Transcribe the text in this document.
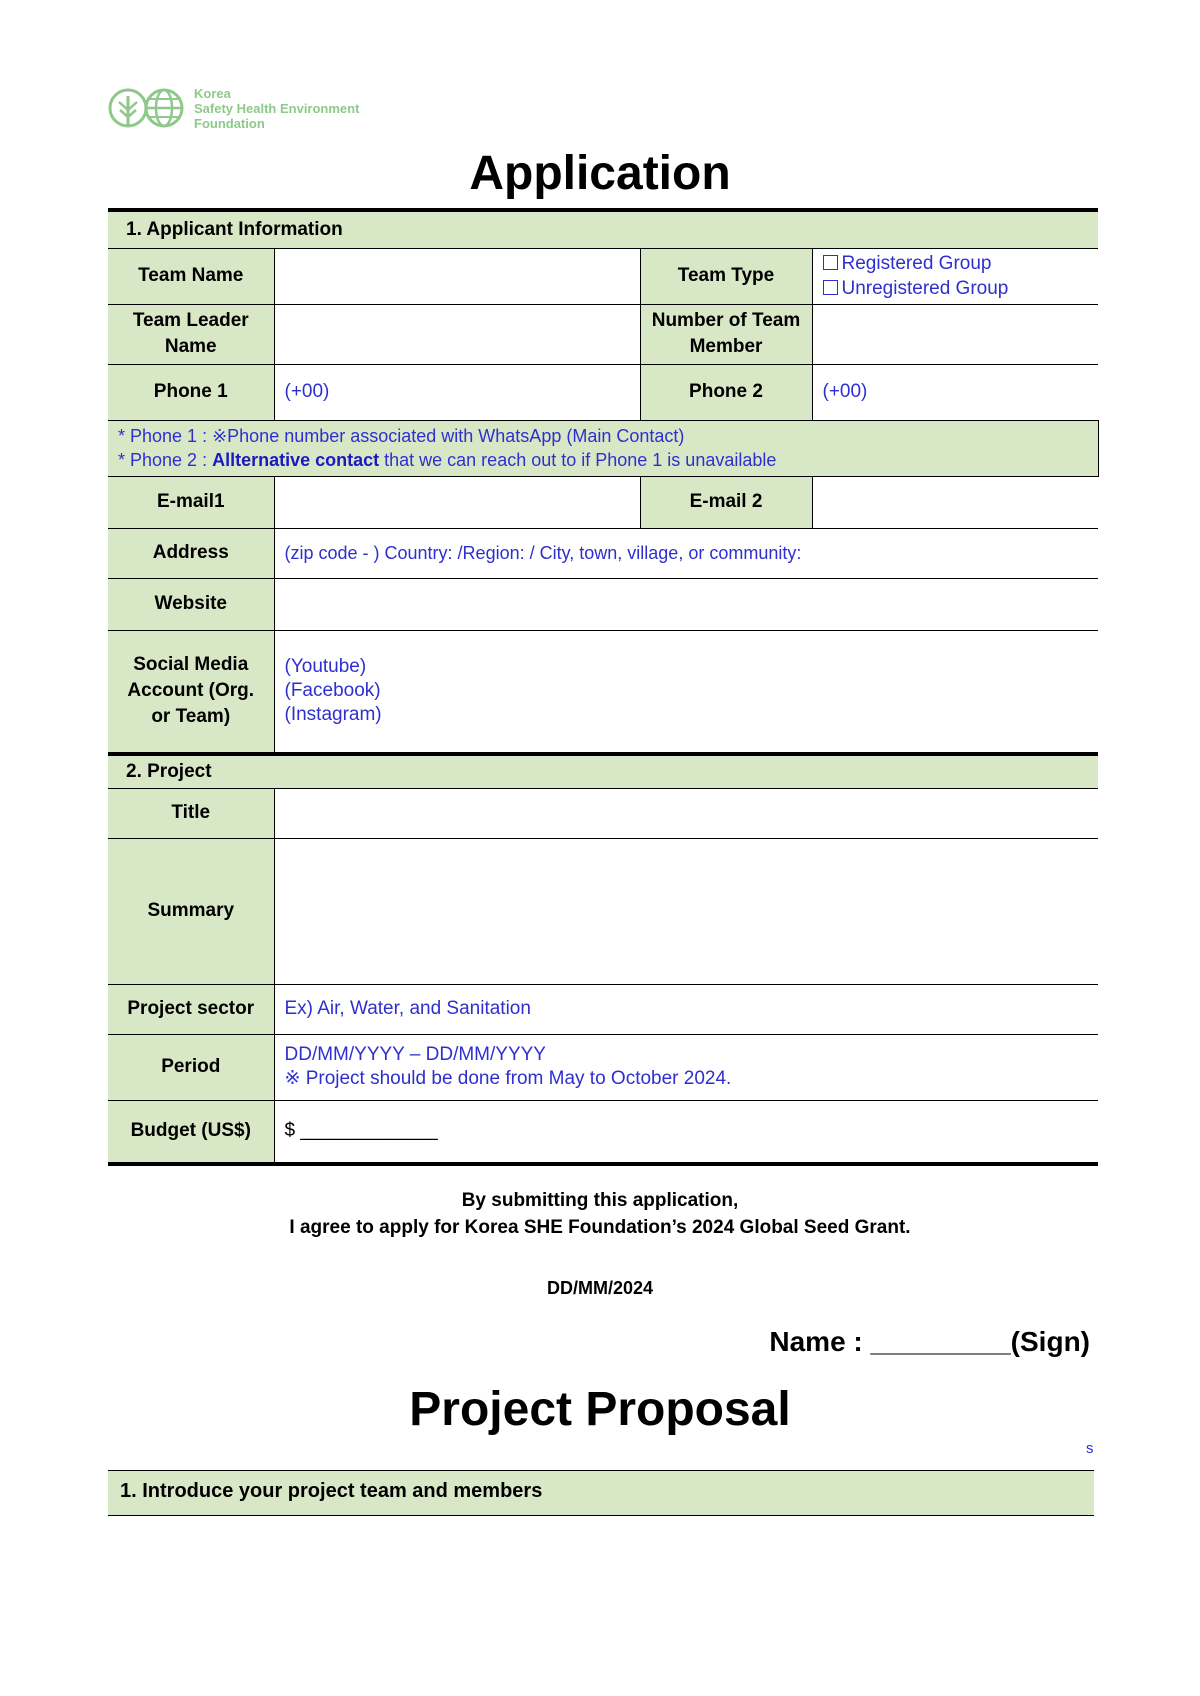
Korea
Safety Health Environment
Foundation
Application
1. Applicant Information			
Team Name		Team Type	Registered Group
Unregistered Group

Team Leader Name		Number of Team Member	
Phone 1	(+00)	Phone 2	(+00)

* Phone 1 : ※Phone number associated with WhatsApp (Main Contact)
* Phone 2 : Allternative contact that we can reach out to if Phone 1 is unavailable			

E-mail1		E-mail 2	
Address	(zip code - ) Country: /Region: / City, town, village, or community:		
Website			
Social Media Account (Org. or Team)	(Youtube)
(Facebook)
(Instagram)		
2. Project	
Title	
Summary	
Project sector	Ex) Air, Water, and Sanitation
Period	DD/MM/YYYY – DD/MM/YYYY
※ Project should be done from May to October 2024.

Budget (US$)	$ _____________
By submitting this application,
I agree to apply for Korea SHE Foundation’s 2024 Global Seed Grant.
DD/MM/2024
Name : _________(Sign)
Project Proposal
s
1. Introduce your project team and members
